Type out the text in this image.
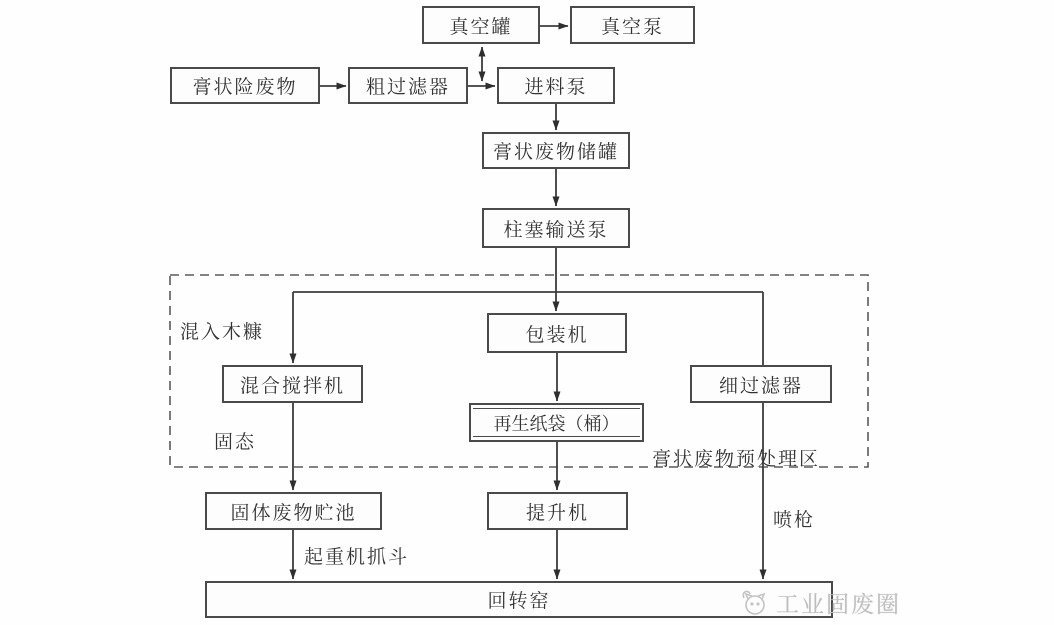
真空罐	真空泵
膏状险废物	粗过滤器	进料泵
膏状废物储罐
柱塞输送泵
包装机
混合搅拌机	细过滤器
再生纸袋（桶）
固体废物贮池	提升机
回转窑
混入木糠
固态
膏状废物预处理区
喷枪
起重机抓斗
工业固废圈
